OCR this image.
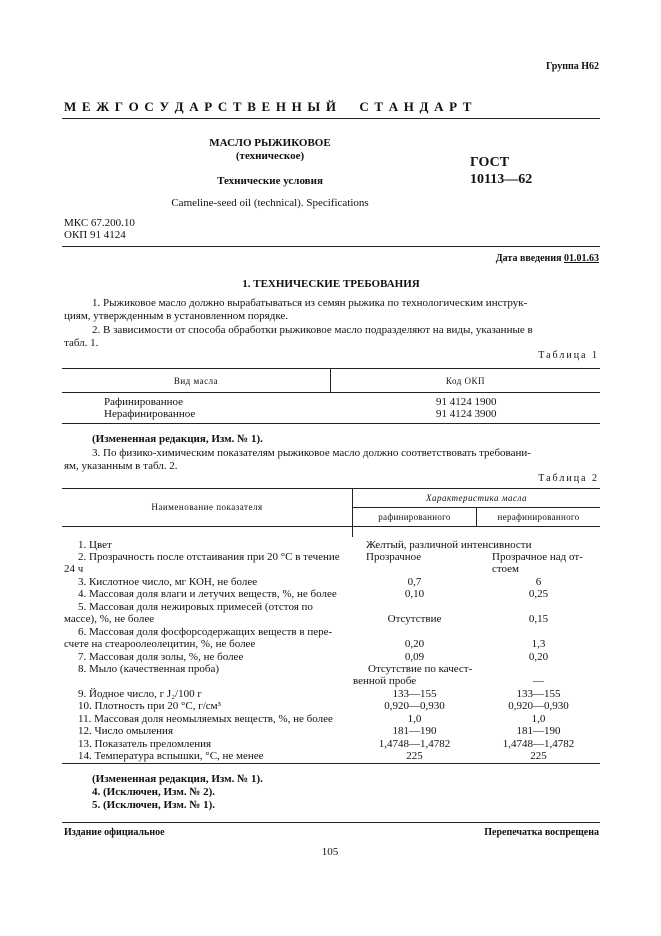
Группа Н62
М Е Ж Г О С У Д А Р С Т В Е Н Н Ы Й     С Т А Н Д А Р Т
МАСЛО РЫЖИКОВОЕ
(техническое)
Технические условия
Cameline-seed oil (technical). Specifications
ГОСТ
10113—62
МКС 67.200.10
ОКП 91 4124
Дата введения 01.01.63
1. ТЕХНИЧЕСКИЕ ТРЕБОВАНИЯ
1. Рыжиковое масло должно вырабатываться из семян рыжика по технологическим инструк-
циям, утвержденным в установленном порядке.
2. В зависимости от способа обработки рыжиковое масло подразделяют на виды, указанные в
табл. 1.
Таблица 1
Вид масла	Код ОКП
Рафинированное	91 4124 1900
Нерафинированное	91 4124 3900
(Измененная редакция, Изм. № 1).
3. По физико-химическим показателям рыжиковое масло должно соответствовать требовани-
ям, указанным в табл. 2.
Таблица 2
Наименование показателя
Характеристика масла
рафинированного	нерафинированного
1. Цвет	Желтый, различной интенсивности
2. Прозрачность после отстаивания при 20 °С в течение
24 ч
Прозрачное	Прозрачное над от-
стоем
3. Кислотное число, мг КОН, не более	0,7	6
4. Массовая доля влаги и летучих веществ, %, не более	0,10	0,25
5. Массовая доля нежировых примесей (отстоя по
массе), %, не более	Отсутствие	0,15
6. Массовая доля фосфорсодержащих веществ в пере-
счете на стеароолеолецитин, %, не более	0,20	1,3
7. Массовая доля золы, %, не более	0,09	0,20
8. Мыло (качественная проба)	Отсутствие по качест-
венной пробе	—
9. Йодное число, г J₂/100 г	133—155	133—155
10. Плотность при 20 °С, г/см³	0,920—0,930	0,920—0,930
11. Массовая доля неомыляемых веществ, %, не более	1,0	1,0
12. Число омыления	181—190	181—190
13. Показатель преломления	1,4748—1,4782	1,4748—1,4782
14. Температура вспышки, °С, не менее	225	225
(Измененная редакция, Изм. № 1).
4. (Исключен, Изм. № 2).
5. (Исключен, Изм. № 1).
Издание официальное	Перепечатка воспрещена
105
